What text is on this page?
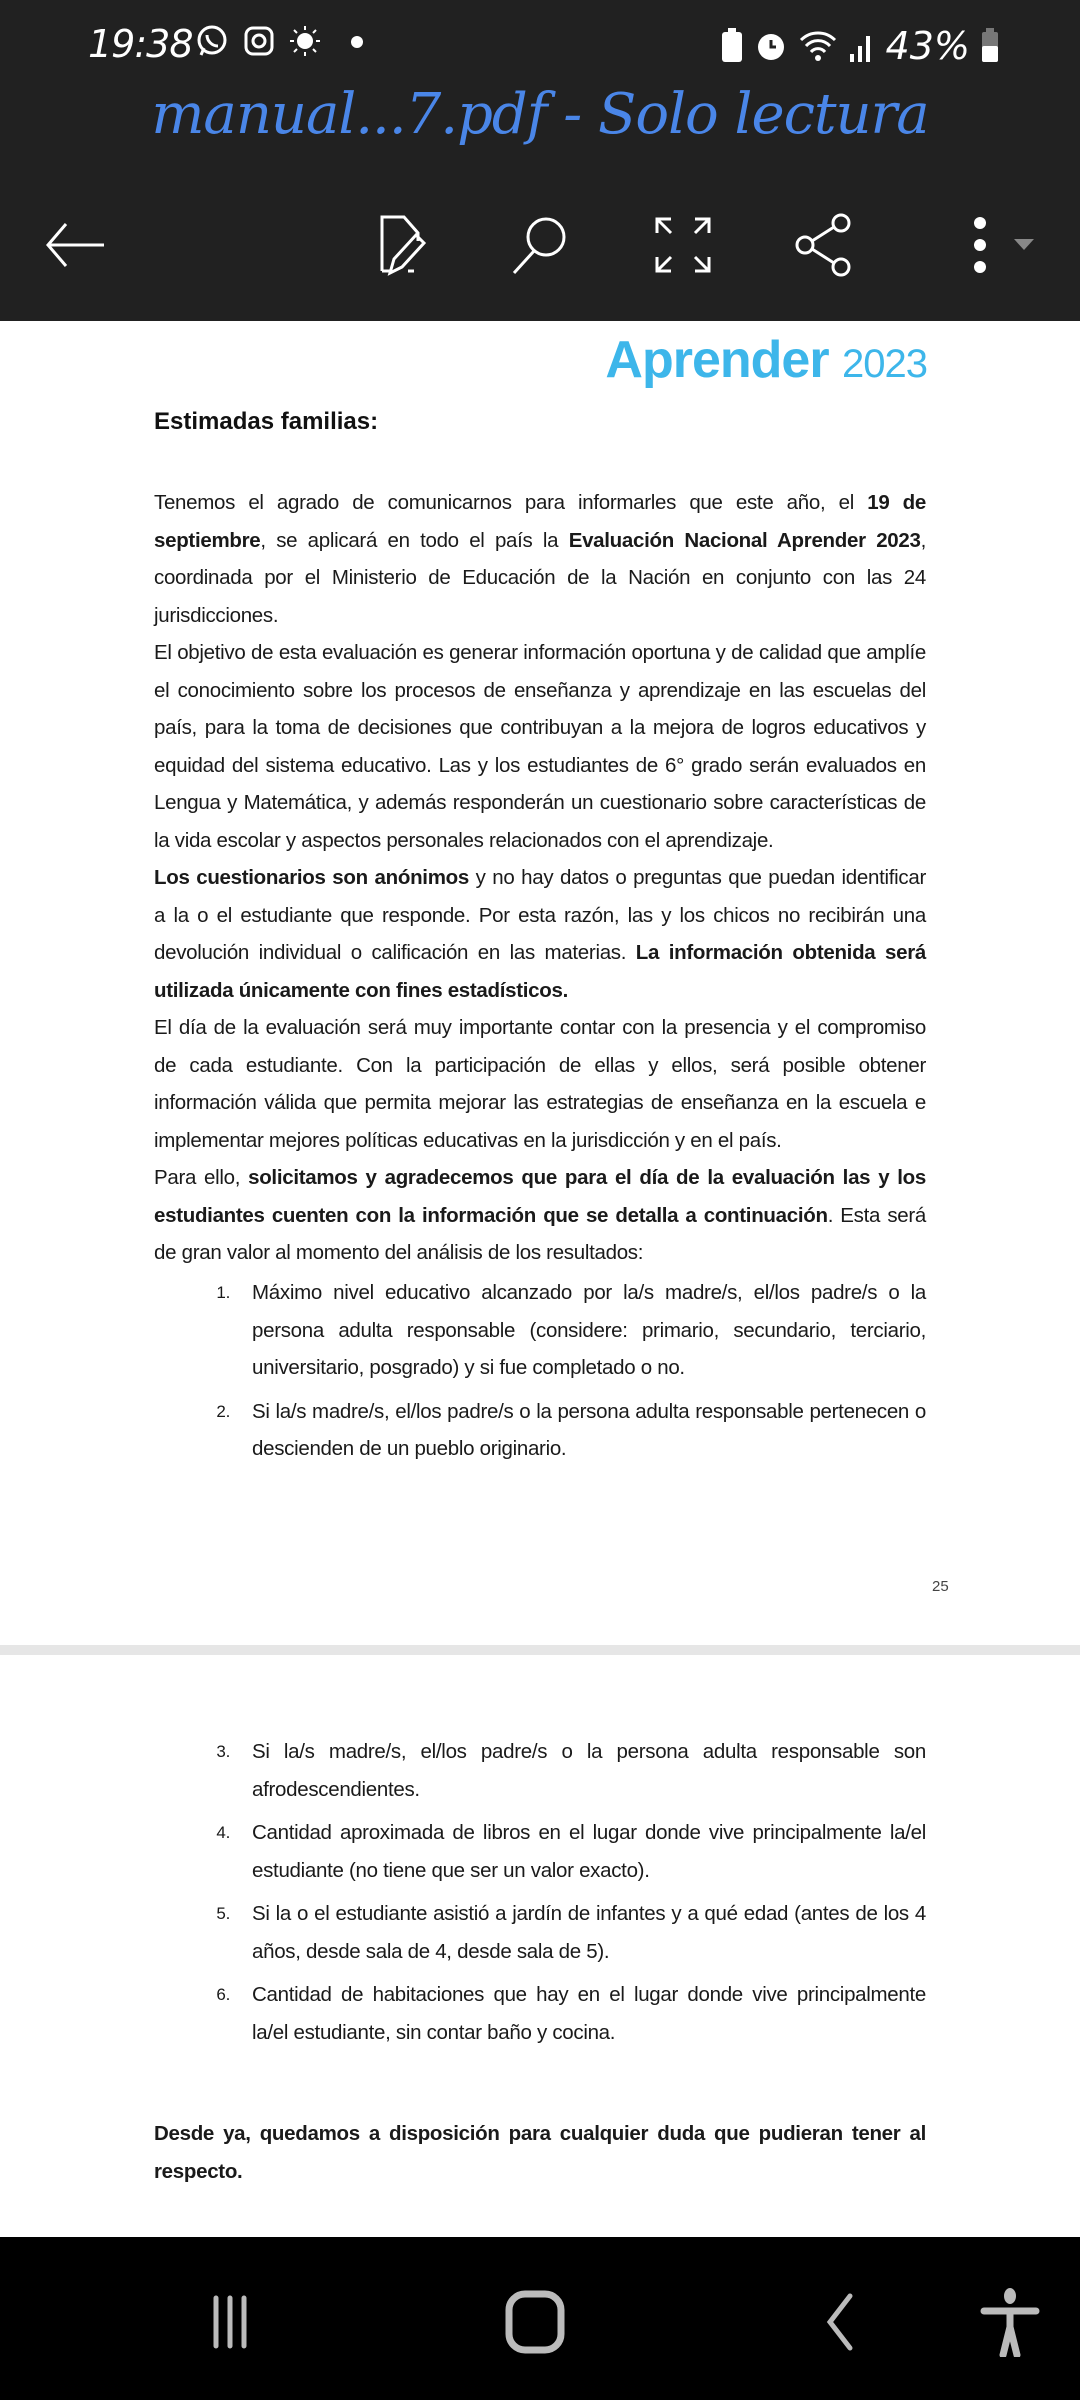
19:38	43%
manual...7.pdf - Solo lectura
Aprender 2023
Estimadas familias:

Tenemos el agrado de comunicarnos para informarles que este año, el 19 de septiembre, se aplicará en todo el país la Evaluación Nacional Aprender 2023, coordinada por el Ministerio de Educación de la Nación en conjunto con las 24 jurisdicciones.

El objetivo de esta evaluación es generar información oportuna y de calidad que amplíe el conocimiento sobre los procesos de enseñanza y aprendizaje en las escuelas del país, para la toma de decisiones que contribuyan a la mejora de logros educativos y equidad del sistema educativo. Las y los estudiantes de 6° grado serán evaluados en Lengua y Matemática, y además responderán un cuestionario sobre características de la vida escolar y aspectos personales relacionados con el aprendizaje.

Los cuestionarios son anónimos y no hay datos o preguntas que puedan identificar a la o el estudiante que responde. Por esta razón, las y los chicos no recibirán una devolución individual o calificación en las materias. La información obtenida será utilizada únicamente con fines estadísticos.

El día de la evaluación será muy importante contar con la presencia y el compromiso de cada estudiante. Con la participación de ellas y ellos, será posible obtener información válida que permita mejorar las estrategias de enseñanza en la escuela e implementar mejores políticas educativas en la jurisdicción y en el país.

Para ello, solicitamos y agradecemos que para el día de la evaluación las y los estudiantes cuenten con la información que se detalla a continuación. Esta será de gran valor al momento del análisis de los resultados:

1.	Máximo nivel educativo alcanzado por la/s madre/s, el/los padre/s o la persona adulta responsable (considere: primario, secundario, terciario, universitario, posgrado) y si fue completado o no.
2.	Si la/s madre/s, el/los padre/s o la persona adulta responsable pertenecen o descienden de un pueblo originario.
25
3.	Si la/s madre/s, el/los padre/s o la persona adulta responsable son afrodescendientes.
4.	Cantidad aproximada de libros en el lugar donde vive principalmente la/el estudiante (no tiene que ser un valor exacto).
5.	Si la o el estudiante asistió a jardín de infantes y a qué edad (antes de los 4 años, desde sala de 4, desde sala de 5).
6.	Cantidad de habitaciones que hay en el lugar donde vive principalmente la/el estudiante, sin contar baño y cocina.
Desde ya, quedamos a disposición para cualquier duda que pudieran tener al respecto.
